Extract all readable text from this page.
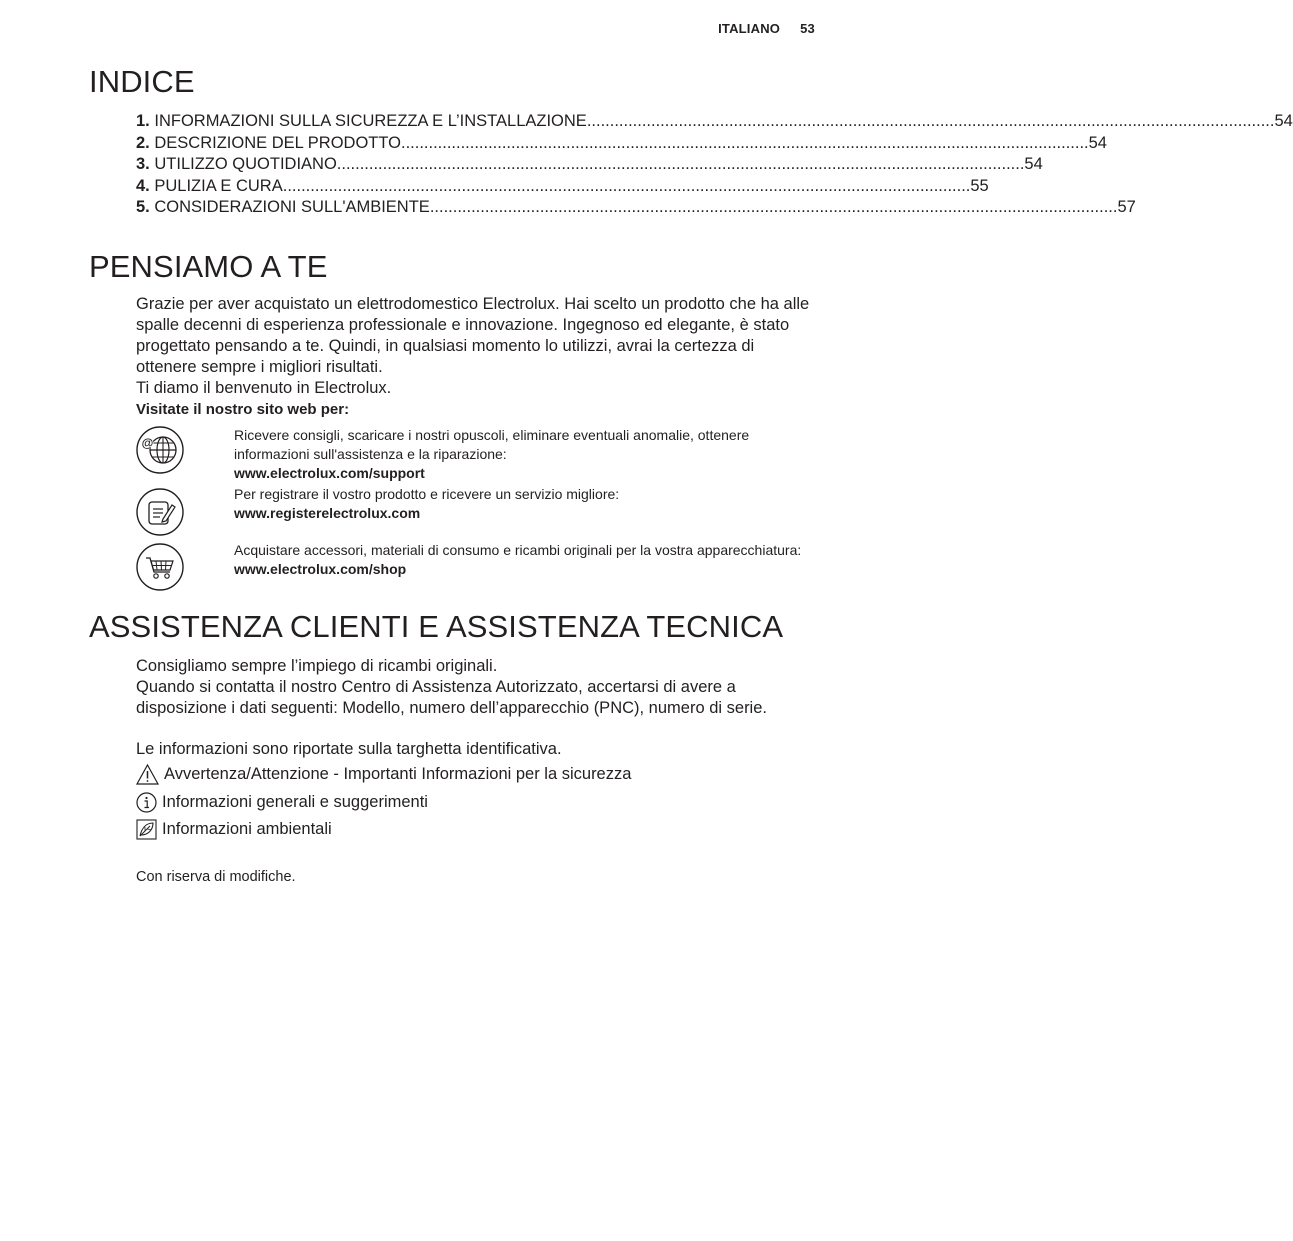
ITALIANO 53
INDICE
1. INFORMAZIONI SULLA SICUREZZA E L’INSTALLAZIONE ...................................................................................................................................................... 54
2. DESCRIZIONE DEL PRODOTTO ...................................................................................................................................................... 54
3. UTILIZZO QUOTIDIANO ...................................................................................................................................................... 54
4. PULIZIA E CURA ...................................................................................................................................................... 55
5. CONSIDERAZIONI SULL'AMBIENTE ...................................................................................................................................................... 57
PENSIAMO A TE

Grazie per aver acquistato un elettrodomestico Electrolux. Hai scelto un prodotto che ha alle spalle decenni di esperienza professionale e innovazione. Ingegnoso ed elegante, è stato progettato pensando a te. Quindi, in qualsiasi momento lo utilizzi, avrai la certezza di ottenere sempre i migliori risultati.

Ti diamo il benvenuto in Electrolux.

Visitate il nostro sito web per:

@	Ricevere consigli, scaricare i nostri opuscoli, eliminare eventuali anomalie, ottenere informazioni sull'assistenza e la riparazione:
www.electrolux.com/support
Per registrare il vostro prodotto e ricevere un servizio migliore:
www.registerelectrolux.com
Acquistare accessori, materiali di consumo e ricambi originali per la vostra apparecchiatura:
www.electrolux.com/shop
ASSISTENZA CLIENTI E ASSISTENZA TECNICA

Consigliamo sempre l’impiego di ricambi originali.

Quando si contatta il nostro Centro di Assistenza Autorizzato, accertarsi di avere a disposizione i dati seguenti: Modello, numero dell’apparecchio (PNC), numero di serie.

Le informazioni sono riportate sulla targhetta identificativa.

Avvertenza/Attenzione - Importanti Informazioni per la sicurezza
Informazioni generali e suggerimenti
Informazioni ambientali
Con riserva di modifiche.
